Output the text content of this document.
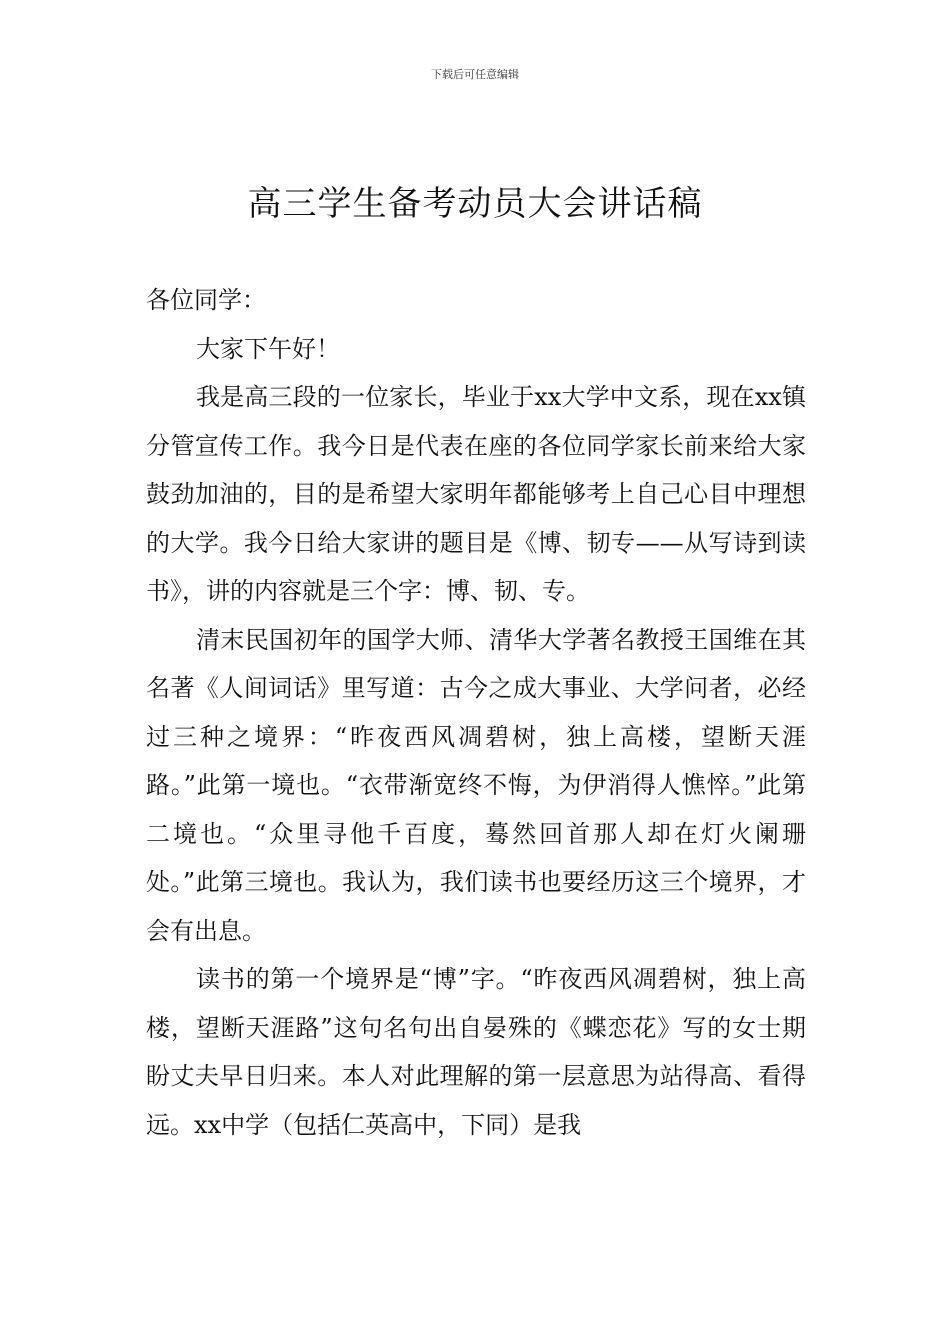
下载后可任意编辑
高三学生备考动员大会讲话稿

各位同学：

大家下午好！

我是高三段的一位家长，毕业于xx大学中文系，现在xx镇分管宣传工作。我今日是代表在座的各位同学家长前来给大家鼓劲加油的，目的是希望大家明年都能够考上自己心目中理想的大学。我今日给大家讲的题目是《博、韧专——从写诗到读书》，讲的内容就是三个字：博、韧、专。

清末民国初年的国学大师、清华大学著名教授王国维在其名著《人间词话》里写道：古今之成大事业、大学问者，必经过三种之境界：“昨夜西风凋碧树，独上高楼，望断天涯路。”此第一境也。“衣带渐宽终不悔，为伊消得人憔悴。”此第二境也。“众里寻他千百度，蓦然回首那人却在灯火阑珊处。”此第三境也。我认为，我们读书也要经历这三个境界，才会有出息。

读书的第一个境界是“博”字。“昨夜西风凋碧树，独上高楼，望断天涯路”这句名句出自晏殊的《蝶恋花》写的女士期盼丈夫早日归来。本人对此理解的第一层意思为站得高、看得远。xx中学（包括仁英高中，下同）是我
